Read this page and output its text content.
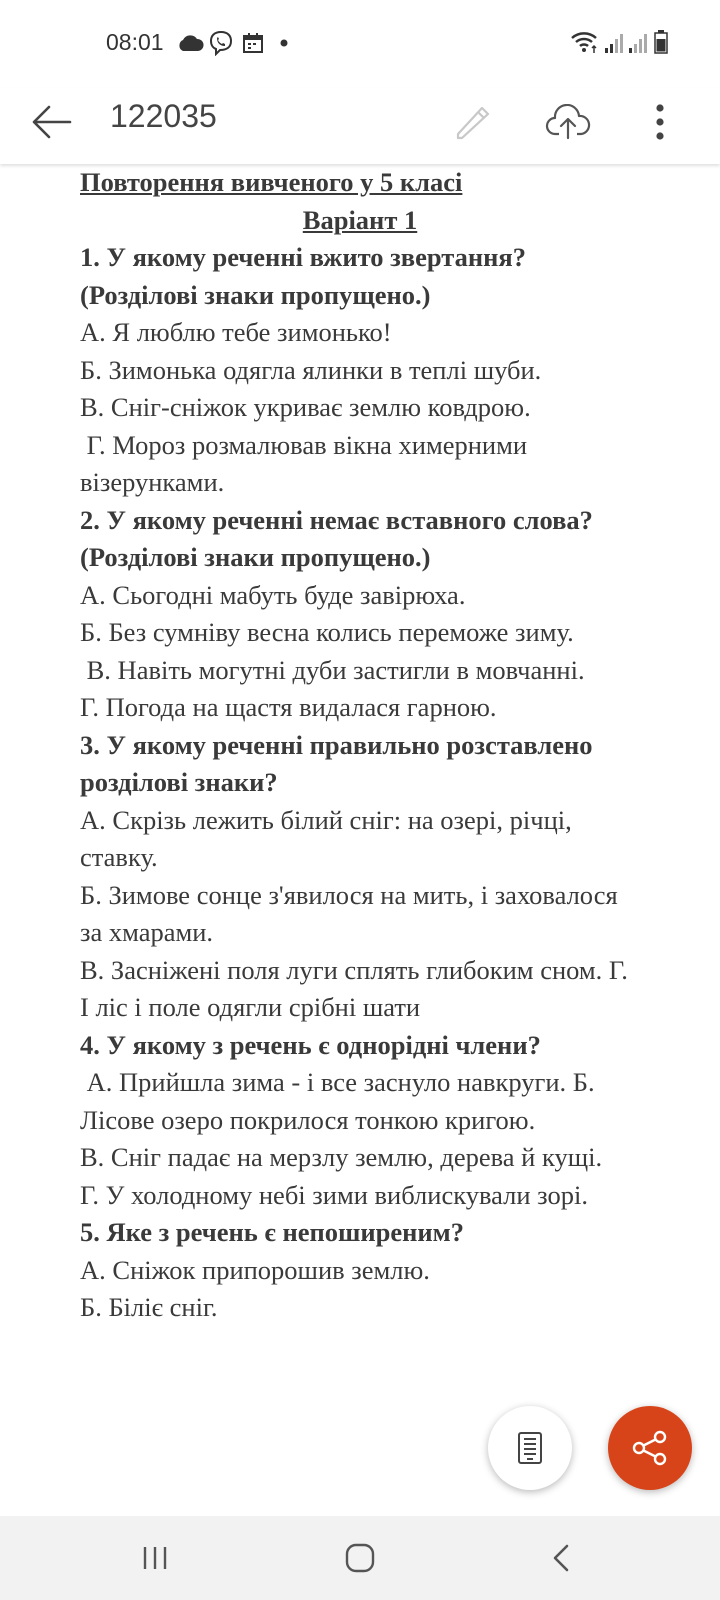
08:01
122035

Повторення вивченого у 5 класі

Варіант 1

1. У якому реченні вжито звертання? (Розділові знаки пропущено.)

А. Я люблю тебе зимонько!

Б. Зимонька одягла ялинки в теплі шуби.

В. Сніг-сніжок укриває землю ковдрою.

Г. Мороз розмалював вікна химерними візерунками.

2. У якому реченні немає вставного слова? (Розділові знаки пропущено.)

А. Сьогодні мабуть буде завірюха.

Б. Без сумніву весна колись переможе зиму.

В. Навіть могутні дуби застигли в мовчанні.

Г. Погода на щастя видалася гарною.

3. У якому реченні правильно розставлено розділові знаки?

А. Скрізь лежить білий сніг: на озері, річці, ставку.

Б. Зимове сонце з'явилося на мить, і заховалося за хмарами.

В. Засніжені поля луги сплять глибоким сном. Г. І ліс і поле одягли срібні шати

4. У якому з речень є однорідні члени?

А. Прийшла зима - і все заснуло навкруги. Б. Лісове озеро покрилося тонкою кригою.

В. Сніг падає на мерзлу землю, дерева й кущі.

Г. У холодному небі зими виблискували зорі.

5. Яке з речень є непоширеним?

А. Сніжок припорошив землю.

Б. Біліє сніг.
